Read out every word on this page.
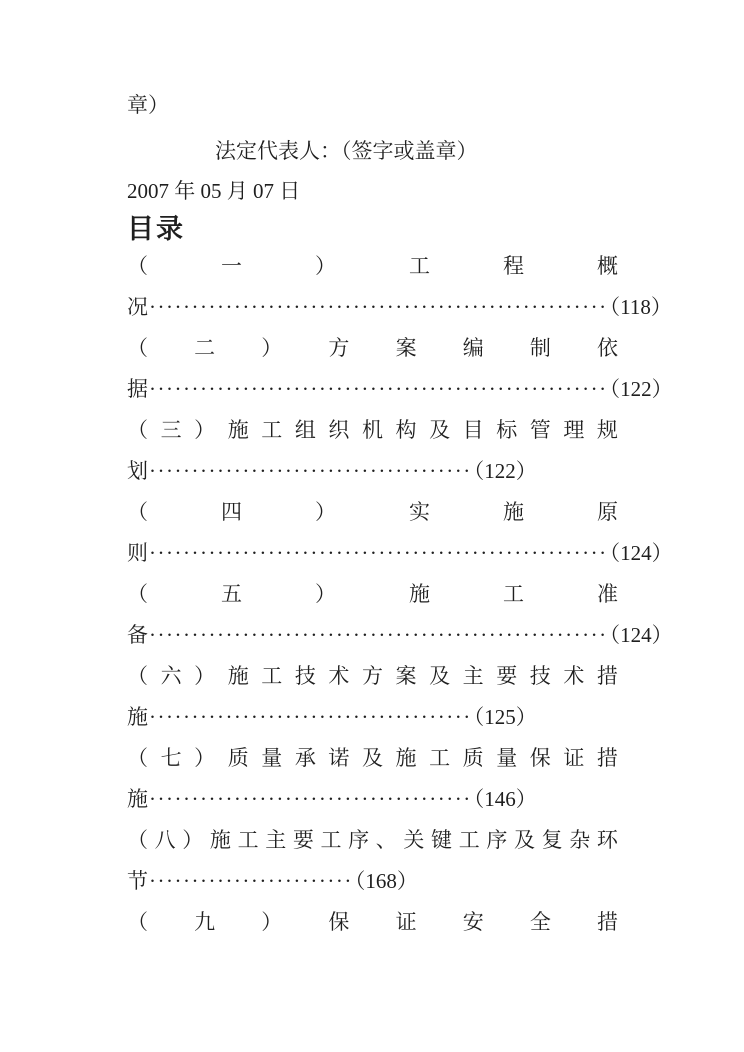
章）
法定代表人：（签字或盖章）
2007 年 05 月 07 日
目录
（	一	）	工	程	概
况······················································（118）
（ 二 ） 方 案 编 制 依
据······················································（122）
（ 三 ） 施 工 组 织 机 构 及 目 标 管 理 规
划······································（122）
（	四	）	实	施	原
则······················································（124）
（	五	）	施	工	准
备······················································（124）
（ 六 ） 施 工 技 术 方 案 及 主 要 技 术 措
施······································（125）
（ 七 ） 质 量 承 诺 及 施 工 质 量 保 证 措
施······································（146）
（ 八 ） 施 工 主 要 工 序 、 关 键 工 序 及 复 杂 环
节························（168）
（ 九 ） 保 证 安 全 措
